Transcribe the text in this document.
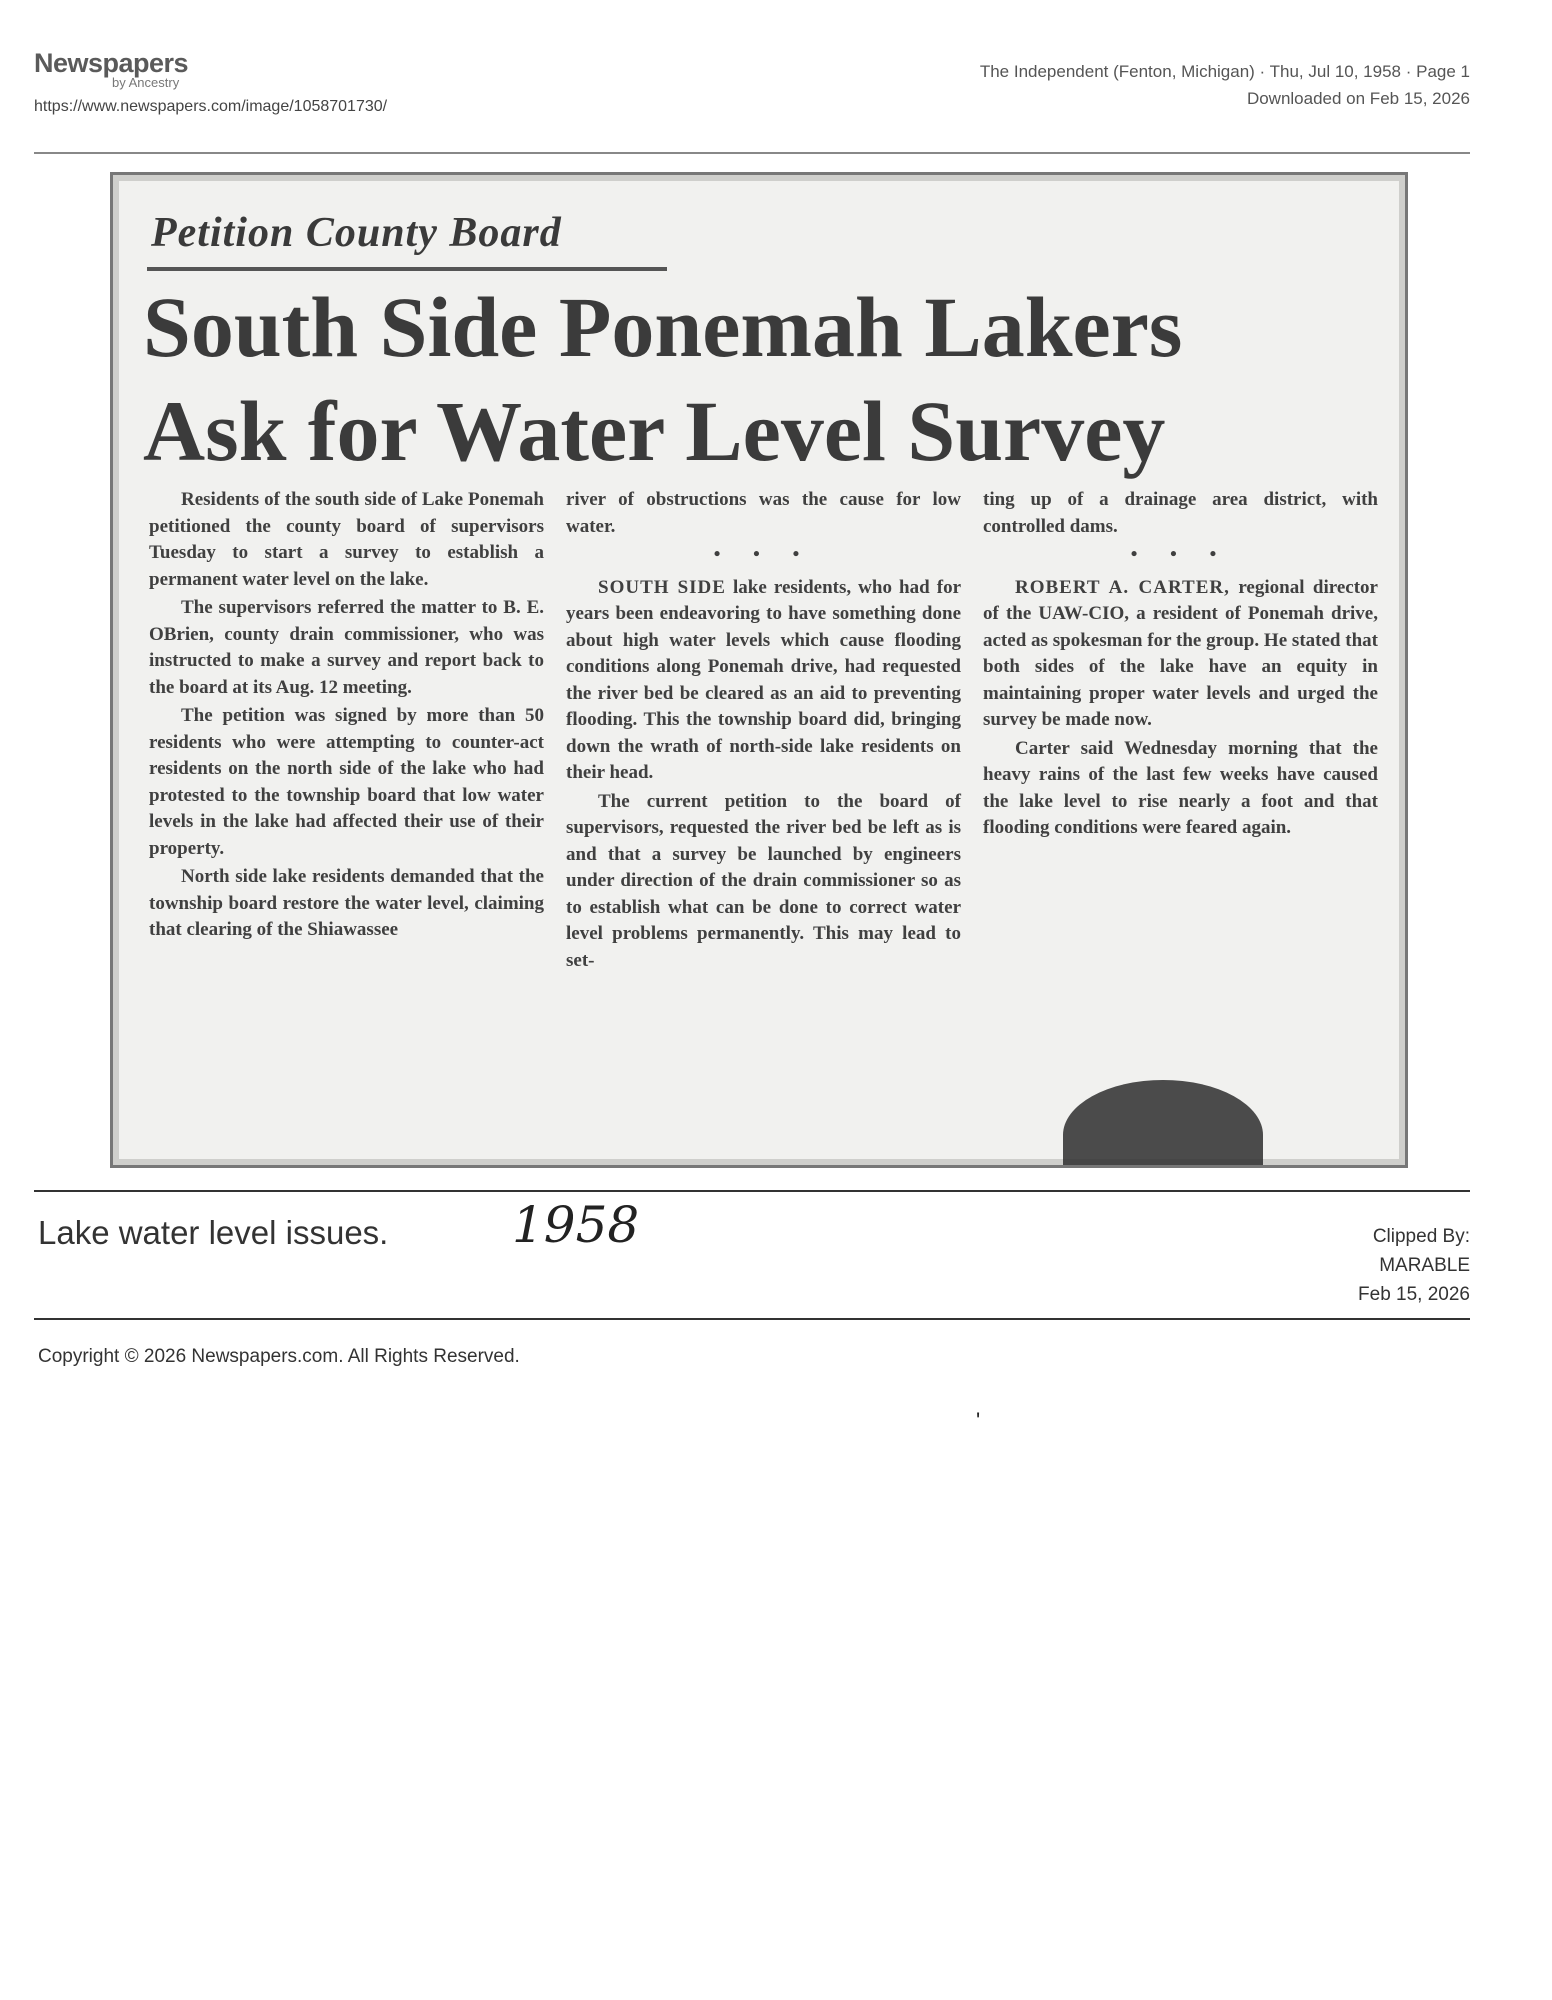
Newspapers
by Ancestry
https://www.newspapers.com/image/1058701730/
The Independent (Fenton, Michigan) · Thu, Jul 10, 1958 · Page 1
Downloaded on Feb 15, 2026
Petition County Board
South Side Ponemah Lakers
Ask for Water Level Survey

Residents of the south side of Lake Ponemah petitioned the county board of supervisors Tuesday to start a survey to establish a permanent water level on the lake.

The supervisors referred the matter to B. E. OBrien, county drain commissioner, who was instructed to make a survey and report back to the board at its Aug. 12 meeting.

The petition was signed by more than 50 residents who were attempting to counter-act residents on the north side of the lake who had protested to the township board that low water levels in the lake had affected their use of their property.

North side lake residents demanded that the township board restore the water level, claiming that clearing of the Shiawassee

river of obstructions was the cause for low water.

• • •

SOUTH SIDE lake residents, who had for years been endeavoring to have something done about high water levels which cause flooding conditions along Ponemah drive, had requested the river bed be cleared as an aid to preventing flooding. This the township board did, bringing down the wrath of north-side lake residents on their head.

The current petition to the board of supervisors, requested the river bed be left as is and that a survey be launched by engineers under direction of the drain commissioner so as to establish what can be done to correct water level problems permanently. This may lead to set-

ting up of a drainage area district, with controlled dams.

• • •

ROBERT A. CARTER, regional director of the UAW-CIO, a resident of Ponemah drive, acted as spokesman for the group. He stated that both sides of the lake have an equity in maintaining proper water levels and urged the survey be made now.

Carter said Wednesday morning that the heavy rains of the last few weeks have caused the lake level to rise nearly a foot and that flooding conditions were feared again.

Lake water level issues. 1958	Clipped By:
MARABLE
Feb 15, 2026
Copyright © 2026 Newspapers.com. All Rights Reserved.
'
